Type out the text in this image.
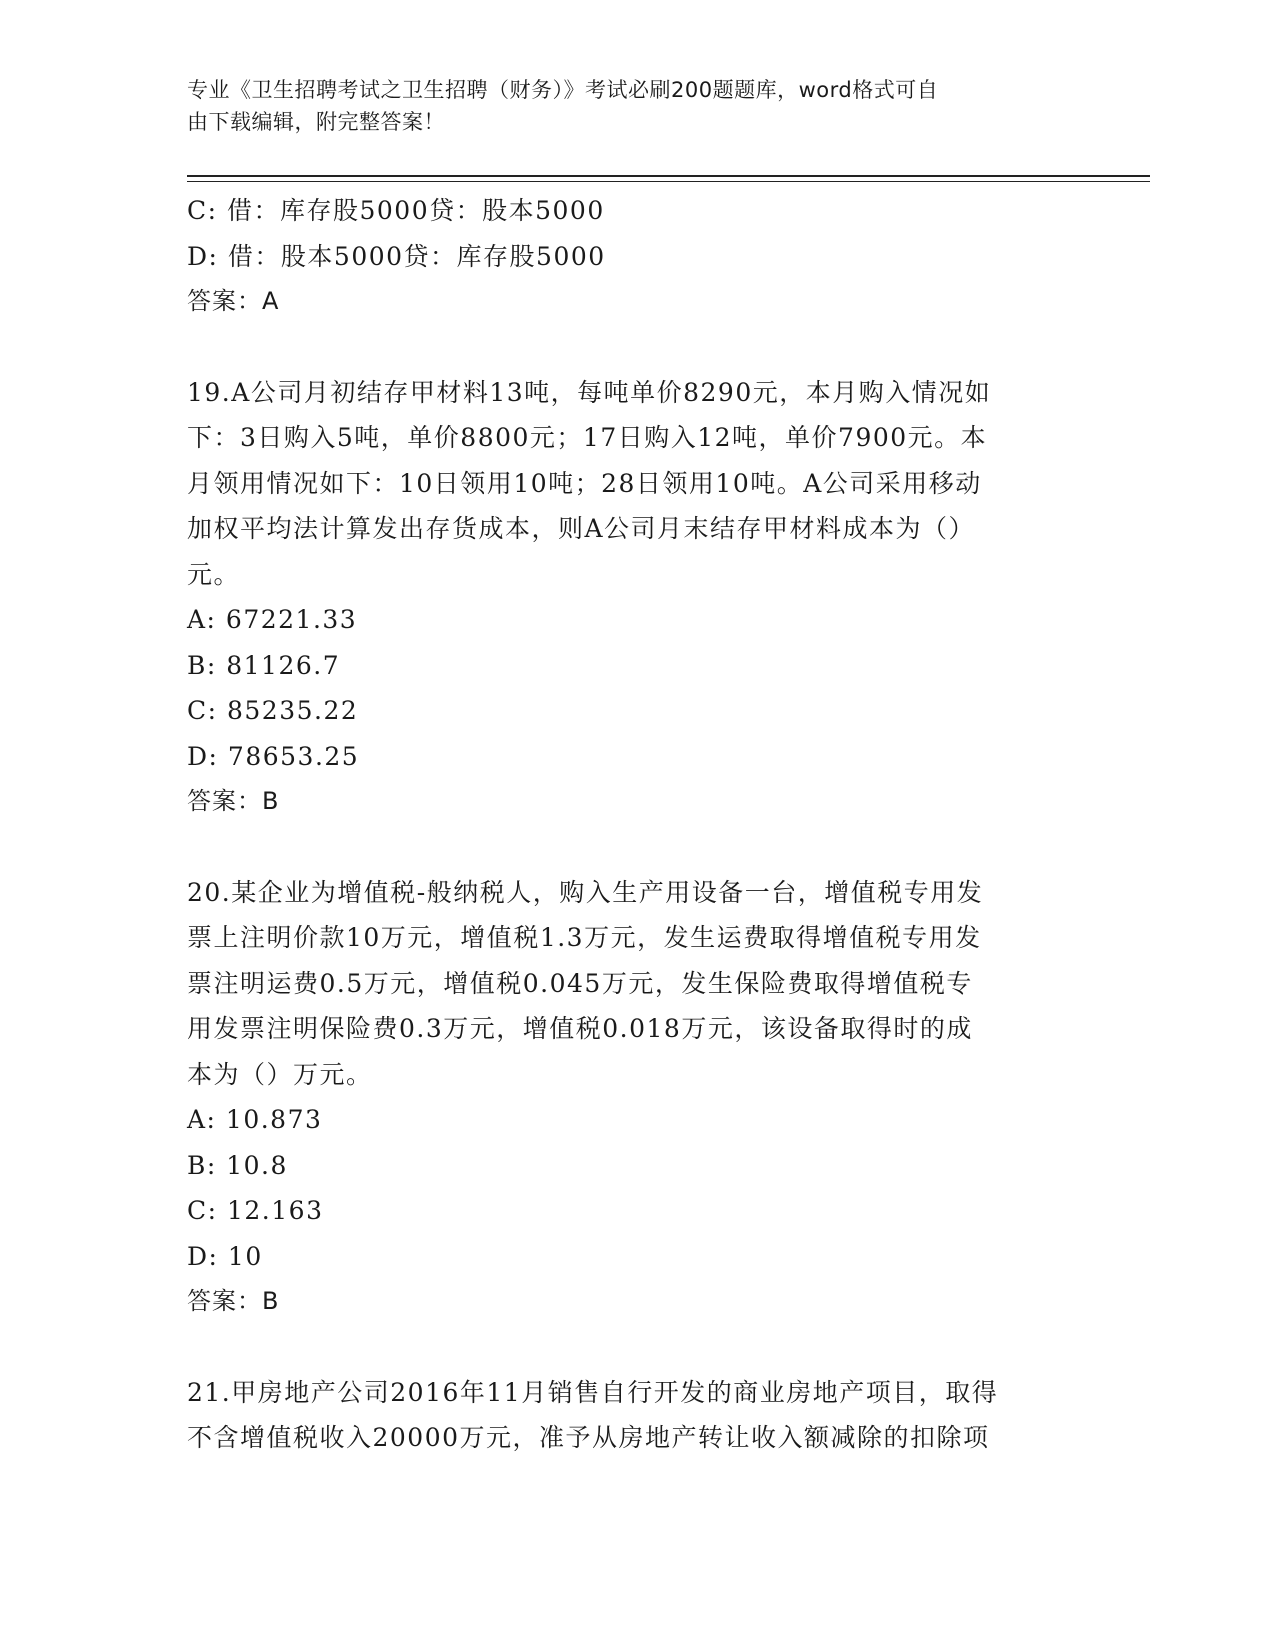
专业《卫生招聘考试之卫生招聘（财务）》考试必刷200题题库，word格式可自
由下载编辑，附完整答案！
C: 借：库存股5000贷：股本5000
D: 借：股本5000贷：库存股5000
答案：A
19.A公司月初结存甲材料13吨，每吨单价8290元，本月购入情况如
下：3日购入5吨，单价8800元；17日购入12吨，单价7900元。本
月领用情况如下：10日领用10吨；28日领用10吨。A公司采用移动
加权平均法计算发出存货成本，则A公司月末结存甲材料成本为（）
元。
A: 67221.33
B: 81126.7
C: 85235.22
D: 78653.25
答案：B
20.某企业为增值税-般纳税人，购入生产用设备一台，增值税专用发
票上注明价款10万元，增值税1.3万元，发生运费取得增值税专用发
票注明运费0.5万元，增值税0.045万元，发生保险费取得增值税专
用发票注明保险费0.3万元，增值税0.018万元，该设备取得时的成
本为（）万元。
A: 10.873
B: 10.8
C: 12.163
D: 10
答案：B
21.甲房地产公司2016年11月销售自行开发的商业房地产项目，取得
不含增值税收入20000万元，准予从房地产转让收入额减除的扣除项
